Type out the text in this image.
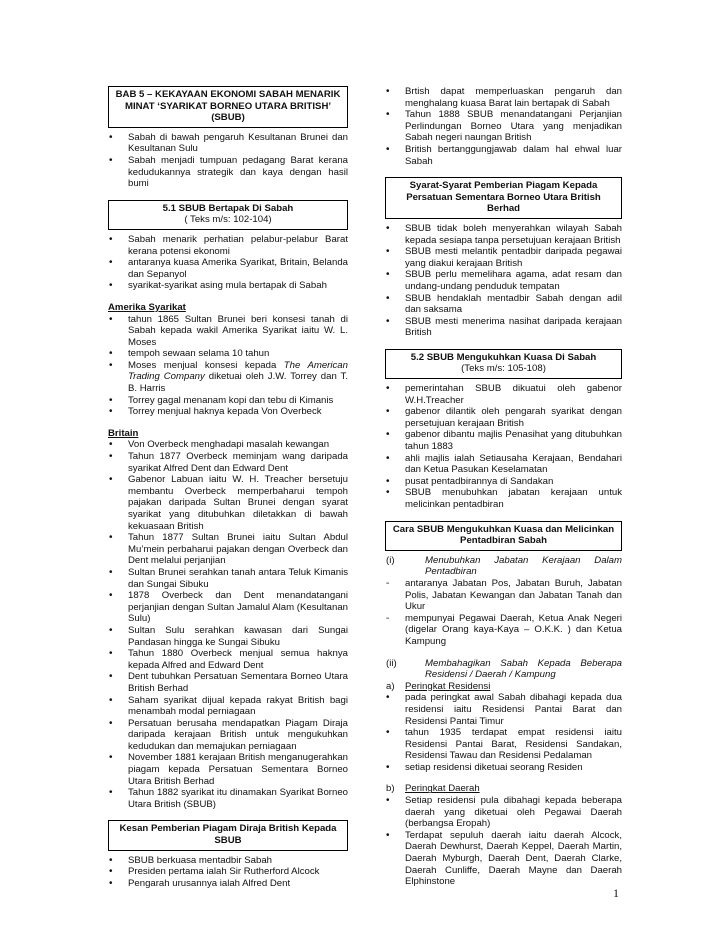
BAB 5 – KEKAYAAN EKONOMI SABAH MENARIK MINAT ‘SYARIKAT BORNEO UTARA BRITISH’ (SBUB)
• Sabah di bawah pengaruh Kesultanan Brunei dan Kesultanan Sulu
• Sabah menjadi tumpuan pedagang Barat kerana kedudukannya strategik dan kaya dengan hasil bumi
5.1 SBUB Bertapak Di Sabah
( Teks m/s: 102-104)
• Sabah menarik perhatian pelabur-pelabur Barat kerana potensi ekonomi
• antaranya kuasa Amerika Syarikat, Britain, Belanda dan Sepanyol
• syarikat-syarikat asing mula bertapak di Sabah
Amerika Syarikat
• tahun 1865 Sultan Brunei beri konsesi tanah di Sabah kepada wakil Amerika Syarikat iaitu W. L. Moses
• tempoh sewaan selama 10 tahun
• Moses menjual konsesi kepada The American Trading Company diketuai oleh J.W. Torrey dan T. B. Harris
• Torrey gagal menanam kopi dan tebu di Kimanis
• Torrey menjual haknya kepada Von Overbeck
Britain
• Von Overbeck menghadapi masalah kewangan
• Tahun 1877 Overbeck meminjam wang daripada syarikat Alfred Dent dan Edward Dent
• Gabenor Labuan iaitu W. H. Treacher bersetuju membantu Overbeck memperbaharui tempoh pajakan daripada Sultan Brunei dengan syarat syarikat yang ditubuhkan diletakkan di bawah kekuasaan British
• Tahun 1877 Sultan Brunei iaitu Sultan Abdul Mu’mein perbaharui pajakan dengan Overbeck dan Dent melalui perjanjian
• Sultan Brunei serahkan tanah antara Teluk Kimanis dan Sungai Sibuku
• 1878 Overbeck dan Dent menandatangani perjanjian dengan Sultan Jamalul Alam (Kesultanan Sulu)
• Sultan Sulu serahkan kawasan dari Sungai Pandasan hingga ke Sungai Sibuku
• Tahun 1880 Overbeck menjual semua haknya kepada Alfred and Edward Dent
• Dent tubuhkan Persatuan Sementara Borneo Utara British Berhad
• Saham syarikat dijual kepada rakyat British bagi menambah modal perniagaan
• Persatuan berusaha mendapatkan Piagam Diraja daripada kerajaan British untuk mengukuhkan kedudukan dan memajukan perniagaan
• November 1881 kerajaan British menganugerahkan piagam kepada Persatuan Sementara Borneo Utara British Berhad
• Tahun 1882 syarikat itu dinamakan Syarikat Borneo Utara British (SBUB)
Kesan Pemberian Piagam Diraja British Kepada SBUB
• SBUB berkuasa mentadbir Sabah
• Presiden pertama ialah Sir Rutherford Alcock
• Pengarah urusannya ialah Alfred Dent
• Brtish dapat memperluaskan pengaruh dan menghalang kuasa Barat lain bertapak di Sabah
• Tahun 1888 SBUB menandatangani Perjanjian Perlindungan Borneo Utara yang menjadikan Sabah negeri naungan British
• British bertanggungjawab dalam hal ehwal luar Sabah
Syarat-Syarat Pemberian Piagam Kepada Persatuan Sementara Borneo Utara British Berhad
• SBUB tidak boleh menyerahkan wilayah Sabah kepada sesiapa tanpa persetujuan kerajaan British
• SBUB mesti melantik pentadbir daripada pegawai yang diakui kerajaan British
• SBUB perlu memelihara agama, adat resam dan undang-undang penduduk tempatan
• SBUB hendaklah mentadbir Sabah dengan adil dan saksama
• SBUB mesti menerima nasihat daripada kerajaan British
5.2 SBUB Mengukuhkan Kuasa Di Sabah
(Teks m/s: 105-108)
• pemerintahan SBUB dikuatui oleh gabenor W.H.Treacher
• gabenor dilantik oleh pengarah syarikat dengan persetujuan kerajaan British
• gabenor dibantu majlis Penasihat yang ditubuhkan tahun 1883
• ahli majlis ialah Setiausaha Kerajaan, Bendahari dan Ketua Pasukan Keselamatan
• pusat pentadbirannya di Sandakan
• SBUB menubuhkan jabatan kerajaan untuk melicinkan pentadbiran
Cara SBUB Mengukuhkan Kuasa dan Melicinkan Pentadbiran Sabah
(i)	Menubuhkan Jabatan Kerajaan Dalam Pentadbiran
- antaranya Jabatan Pos, Jabatan Buruh, Jabatan Polis, Jabatan Kewangan dan Jabatan Tanah dan Ukur
- mempunyai Pegawai Daerah, Ketua Anak Negeri (digelar Orang kaya-Kaya – O.K.K. ) dan Ketua Kampung
(ii)	Membahagikan Sabah Kepada Beberapa Residensi / Daerah / Kampung
a) Peringkat Residensi
• pada peringkat awal Sabah dibahagi kepada dua residensi iaitu Residensi Pantai Barat dan Residensi Pantai Timur
• tahun 1935 terdapat empat residensi iaitu Residensi Pantai Barat, Residensi Sandakan, Residensi Tawau dan Residensi Pedalaman
• setiap residensi diketuai seorang Residen
b) Peringkat Daerah
• Setiap residensi pula dibahagi kepada beberapa daerah yang diketuai oleh Pegawai Daerah (berbangsa Eropah)
• Terdapat sepuluh daerah iaitu daerah Alcock, Daerah Dewhurst, Daerah Keppel, Daerah Martin, Daerah Myburgh, Daerah Dent, Daerah Clarke, Daerah Cunliffe, Daerah Mayne dan Daerah Elphinstone
1
